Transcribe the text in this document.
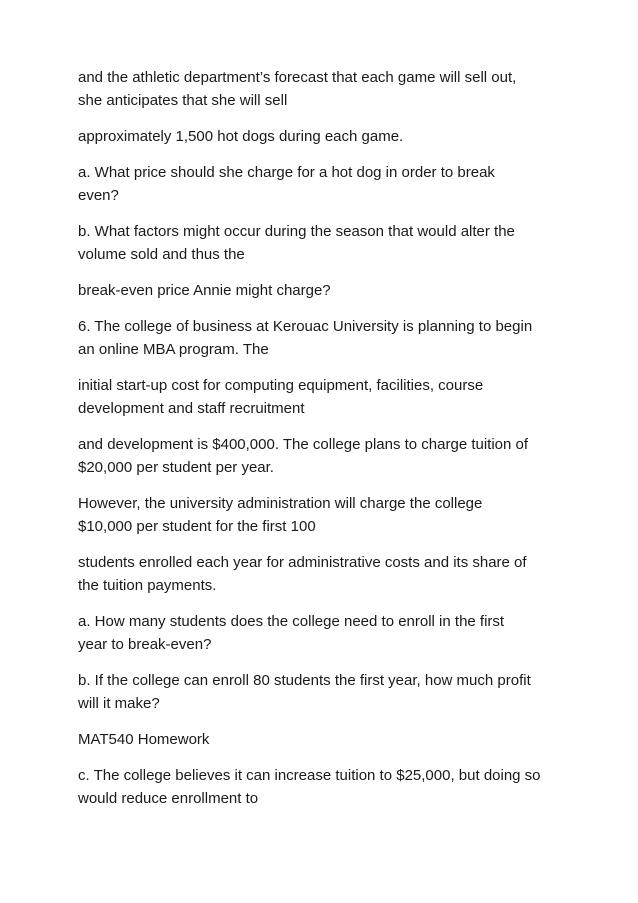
and the athletic department’s forecast that each game will sell out,
she anticipates that she will sell

approximately 1,500 hot dogs during each game.

a. What price should she charge for a hot dog in order to break
even?

b. What factors might occur during the season that would alter the
volume sold and thus the

break-even price Annie might charge?

6. The college of business at Kerouac University is planning to begin
an online MBA program. The

initial start-up cost for computing equipment, facilities, course
development and staff recruitment

and development is $400,000. The college plans to charge tuition of
$20,000 per student per year.

However, the university administration will charge the college
$10,000 per student for the first 100

students enrolled each year for administrative costs and its share of
the tuition payments.

a. How many students does the college need to enroll in the first
year to break-even?

b. If the college can enroll 80 students the first year, how much profit
will it make?

MAT540 Homework

c. The college believes it can increase tuition to $25,000, but doing so
would reduce enrollment to
